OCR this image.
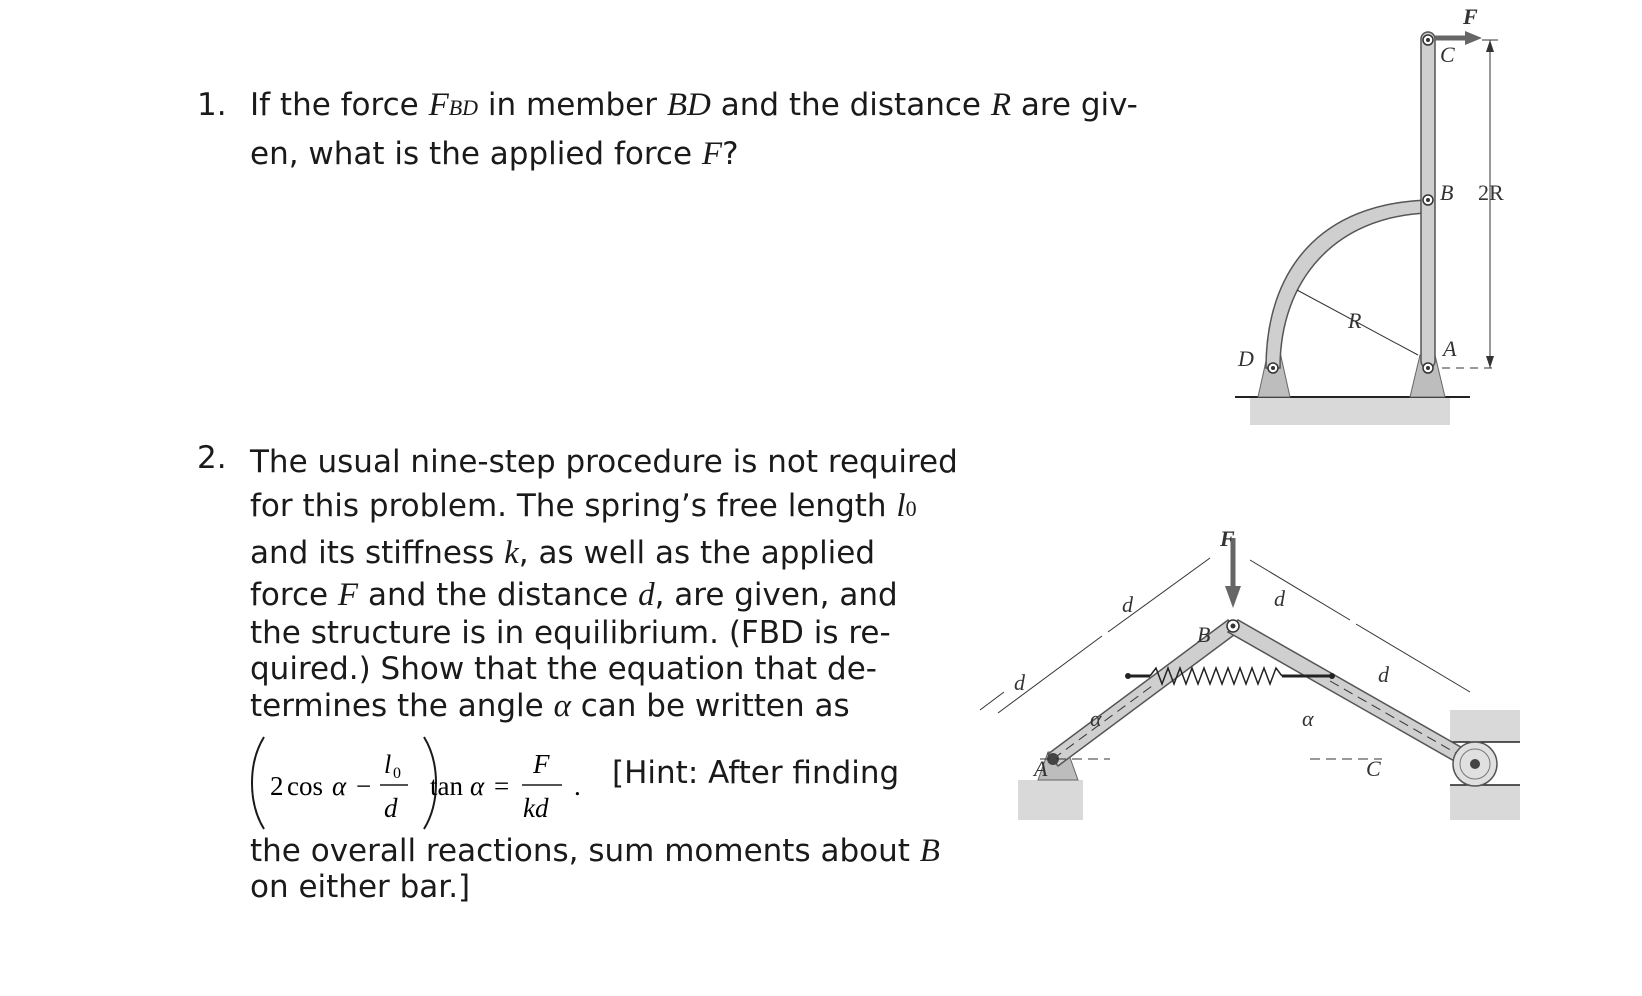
1. If the force FBD in member BD and the distance R are giv-
en, what is the applied force F?
2. The usual nine-step procedure is not required
for this problem. The spring’s free length l0
and its stiffness k, as well as the applied
force F and the distance d, are given, and
the structure is in equilibrium. (FBD is re-
quired.) Show that the equation that de-
termines the angle α can be written as
2 cos α −
l 0
d
tan α =
F
kd
. [Hint: After finding
the overall reactions, sum moments about B
on either bar.]
F
C
B 2R
R
D	A
F
B
A	C
d
d
d
d
α	α
